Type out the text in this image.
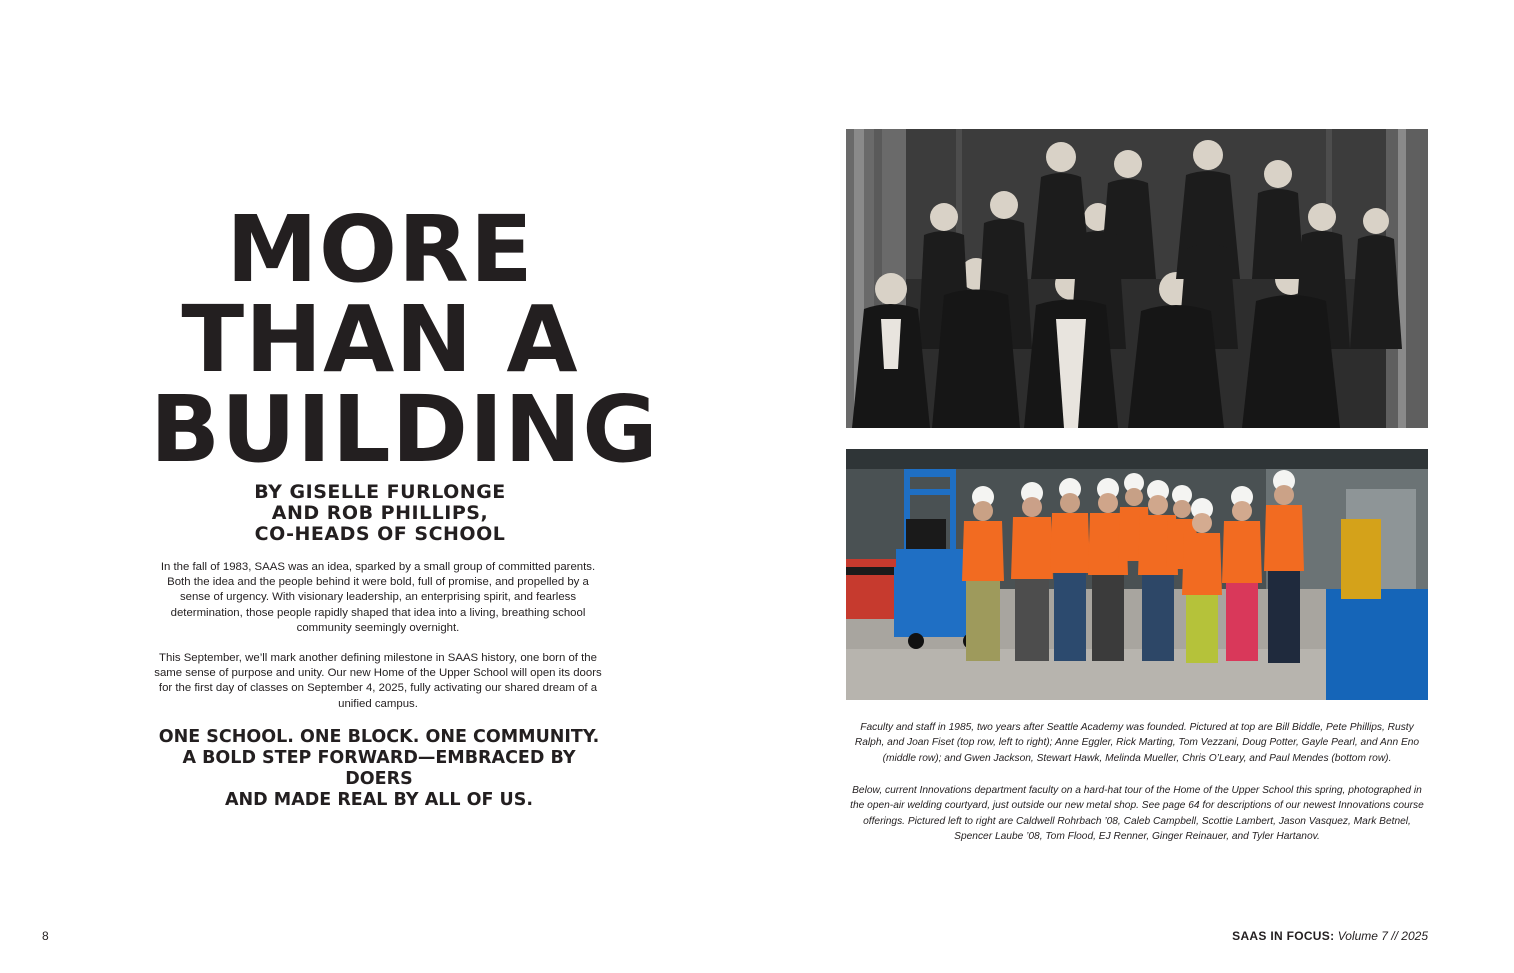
MORE
THAN A
BUILDING
BY GISELLE FURLONGE
AND ROB PHILLIPS,
CO-HEADS OF SCHOOL

In the fall of 1983, SAAS was an idea, sparked by a small group of committed parents. Both the idea and the people behind it were bold, full of promise, and propelled by a sense of urgency. With visionary leadership, an enterprising spirit, and fearless determination, those people rapidly shaped that idea into a living, breathing school community seemingly overnight.

This September, we’ll mark another defining milestone in SAAS history, one born of the same sense of purpose and unity. Our new Home of the Upper School will open its doors for the first day of classes on September 4, 2025, fully activating our shared dream of a unified campus.

ONE SCHOOL. ONE BLOCK. ONE COMMUNITY.
A BOLD STEP FORWARD—EMBRACED BY DOERS
AND MADE REAL BY ALL OF US.
Faculty and staff in 1985, two years after Seattle Academy was founded. Pictured at top are Bill Biddle, Pete Phillips, Rusty Ralph, and Joan Fiset (top row, left to right); Anne Eggler, Rick Marting, Tom Vezzani, Doug Potter, Gayle Pearl, and Ann Eno (middle row); and Gwen Jackson, Stewart Hawk, Melinda Mueller, Chris O’Leary, and Paul Mendes (bottom row).
Below, current Innovations department faculty on a hard-hat tour of the Home of the Upper School this spring, photographed in the open-air welding courtyard, just outside our new metal shop. See page 64 for descriptions of our newest Innovations course offerings. Pictured left to right are Caldwell Rohrbach ’08, Caleb Campbell, Scottie Lambert, Jason Vasquez, Mark Betnel, Spencer Laube ’08, Tom Flood, EJ Renner, Ginger Reinauer, and Tyler Hartanov.
8	SAAS IN FOCUS: Volume 7 // 2025
